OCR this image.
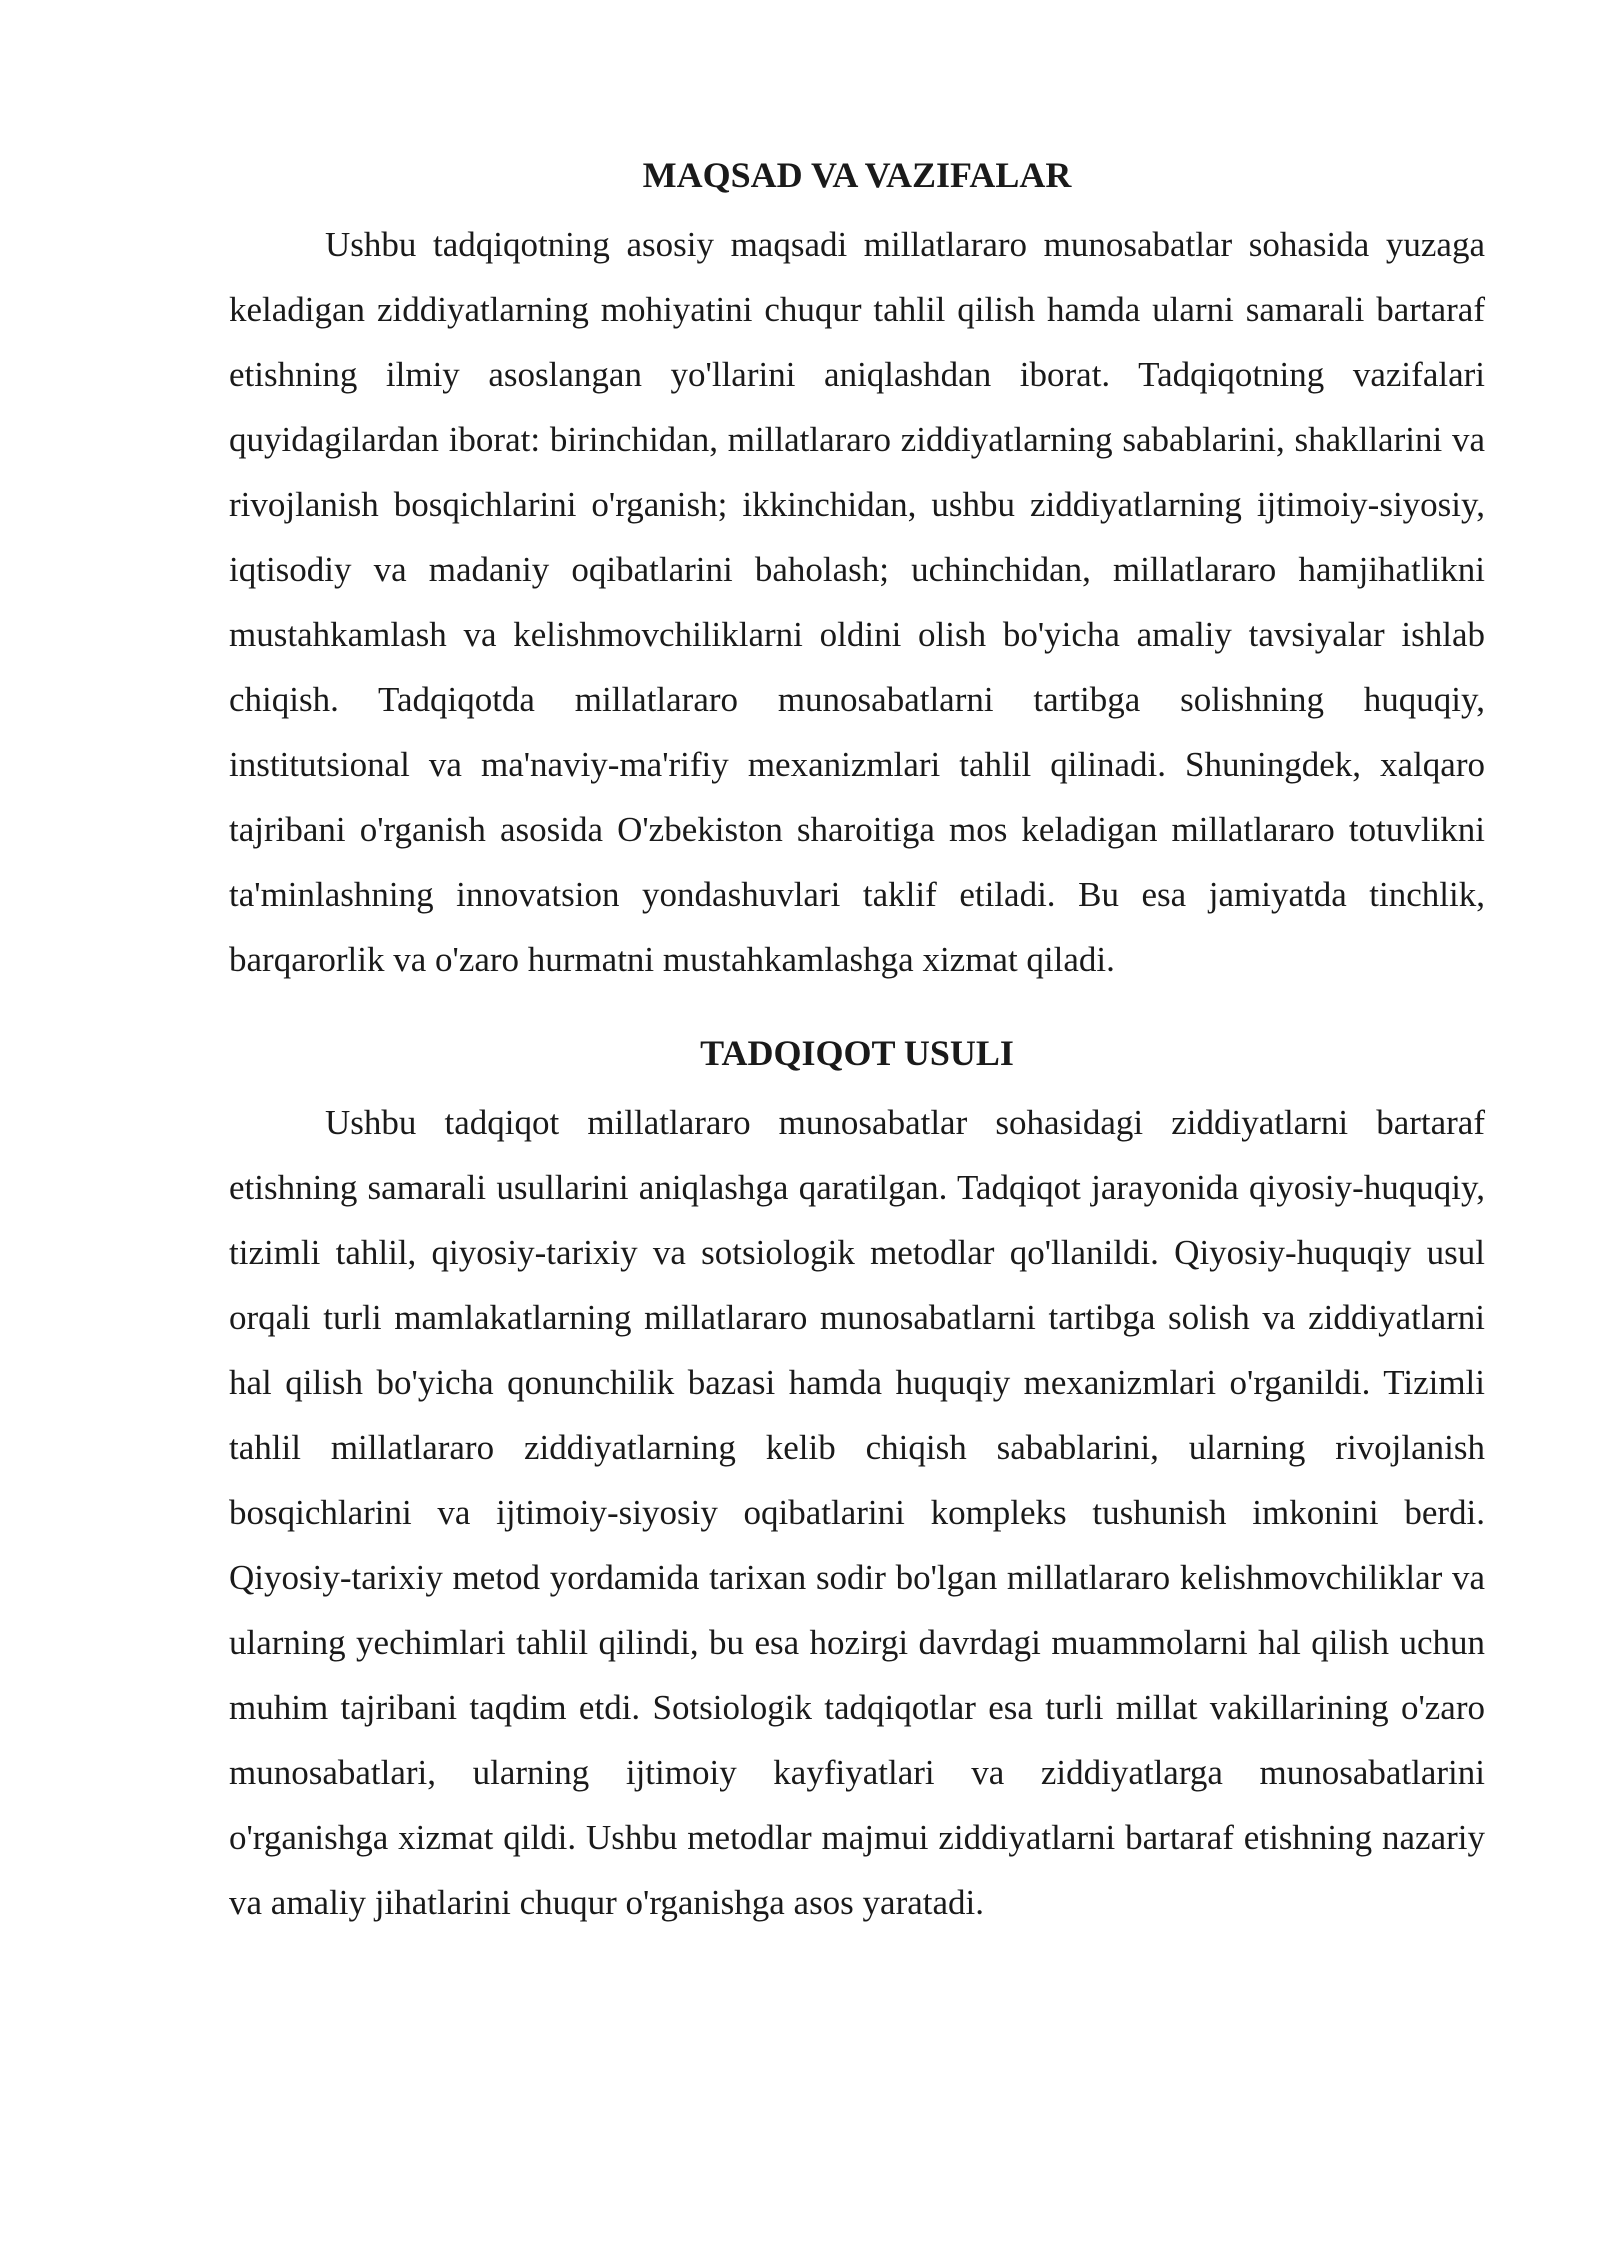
MAQSAD VA VAZIFALAR

Ushbu tadqiqotning asosiy maqsadi millatlararo munosabatlar sohasida yuzaga keladigan ziddiyatlarning mohiyatini chuqur tahlil qilish hamda ularni samarali bartaraf etishning ilmiy asoslangan yo'llarini aniqlashdan iborat. Tadqiqotning vazifalari quyidagilardan iborat: birinchidan, millatlararo ziddiyatlarning sabablarini, shakllarini va rivojlanish bosqichlarini o'rganish; ikkinchidan, ushbu ziddiyatlarning ijtimoiy-siyosiy, iqtisodiy va madaniy oqibatlarini baholash; uchinchidan, millatlararo hamjihatlikni mustahkamlash va kelishmovchiliklarni oldini olish bo'yicha amaliy tavsiyalar ishlab chiqish. Tadqiqotda millatlararo munosabatlarni tartibga solishning huquqiy, institutsional va ma'naviy-ma'rifiy mexanizmlari tahlil qilinadi. Shuningdek, xalqaro tajribani o'rganish asosida O'zbekiston sharoitiga mos keladigan millatlararo totuvlikni ta'minlashning innovatsion yondashuvlari taklif etiladi. Bu esa jamiyatda tinchlik, barqarorlik va o'zaro hurmatni mustahkamlashga xizmat qiladi.

TADQIQOT USULI

Ushbu tadqiqot millatlararo munosabatlar sohasidagi ziddiyatlarni bartaraf etishning samarali usullarini aniqlashga qaratilgan. Tadqiqot jarayonida qiyosiy-huquqiy, tizimli tahlil, qiyosiy-tarixiy va sotsiologik metodlar qo'llanildi. Qiyosiy-huquqiy usul orqali turli mamlakatlarning millatlararo munosabatlarni tartibga solish va ziddiyatlarni hal qilish bo'yicha qonunchilik bazasi hamda huquqiy mexanizmlari o'rganildi. Tizimli tahlil millatlararo ziddiyatlarning kelib chiqish sabablarini, ularning rivojlanish bosqichlarini va ijtimoiy-siyosiy oqibatlarini kompleks tushunish imkonini berdi. Qiyosiy-tarixiy metod yordamida tarixan sodir bo'lgan millatlararo kelishmovchiliklar va ularning yechimlari tahlil qilindi, bu esa hozirgi davrdagi muammolarni hal qilish uchun muhim tajribani taqdim etdi. Sotsiologik tadqiqotlar esa turli millat vakillarining o'zaro munosabatlari, ularning ijtimoiy kayfiyatlari va ziddiyatlarga munosabatlarini o'rganishga xizmat qildi. Ushbu metodlar majmui ziddiyatlarni bartaraf etishning nazariy va amaliy jihatlarini chuqur o'rganishga asos yaratadi.
